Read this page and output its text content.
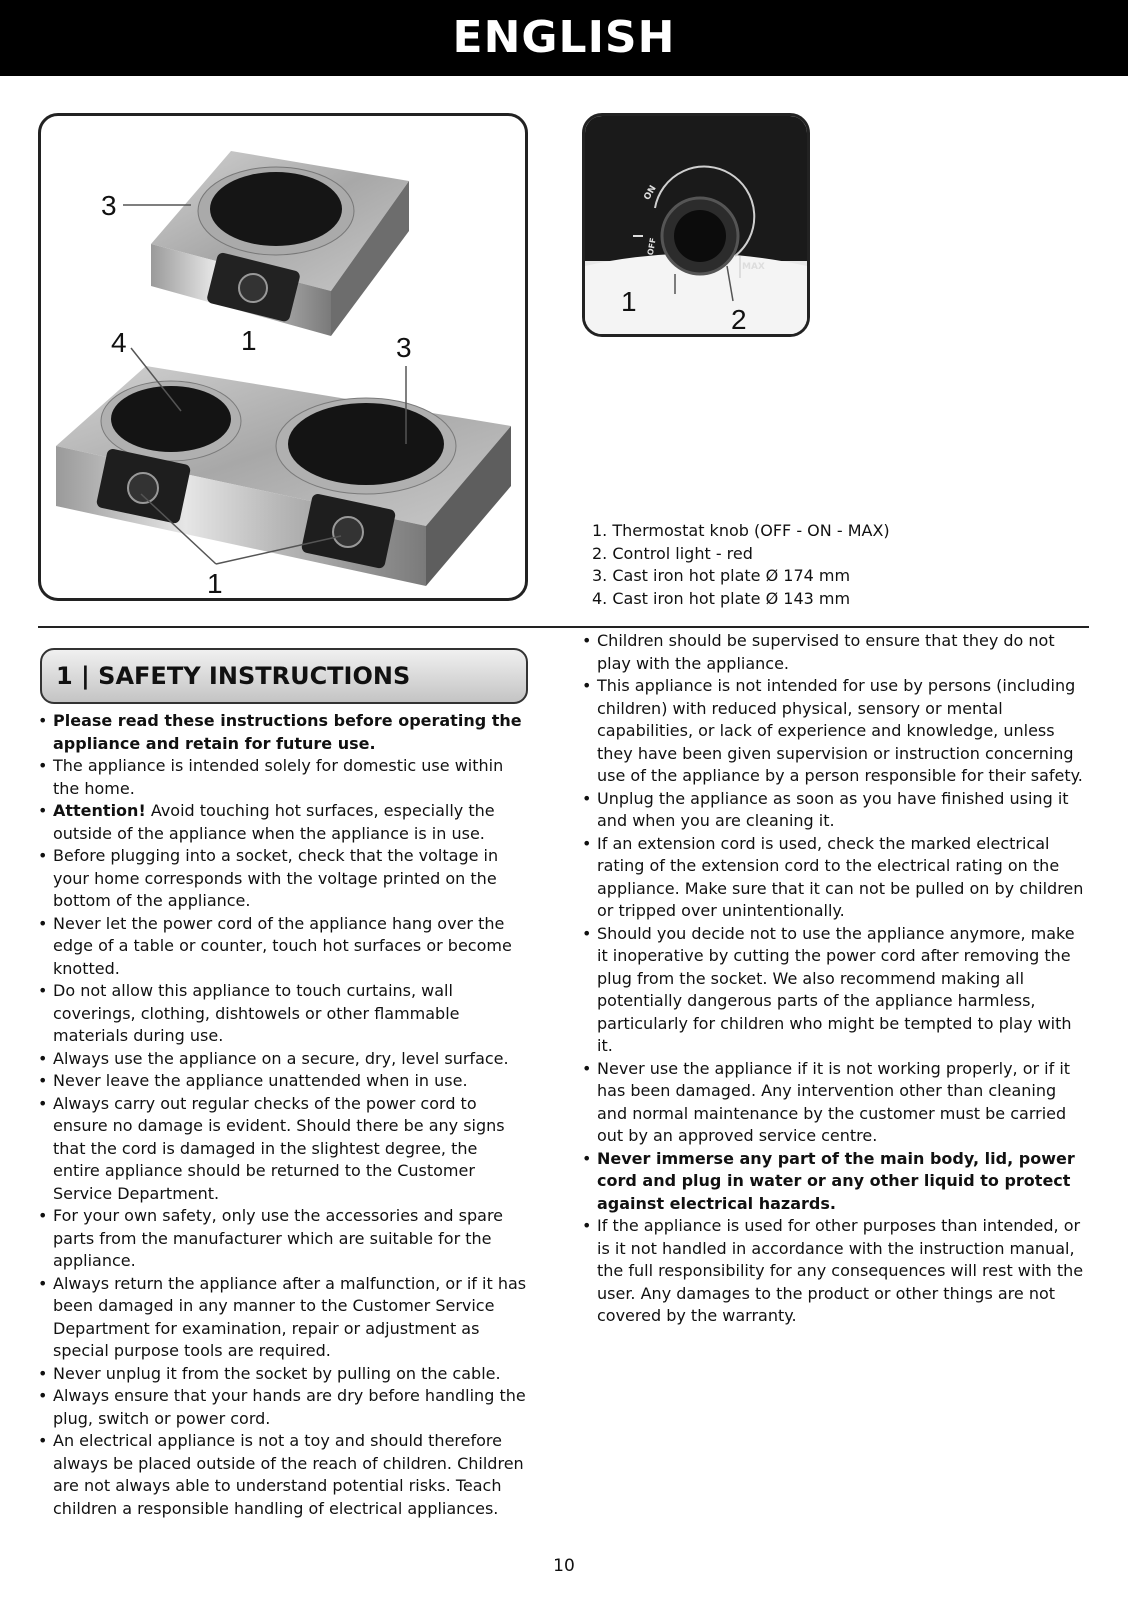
ENGLISH
3
4	1	3
1
ON
OFF
MAX
1
2
1. Thermostat knob (OFF - ON - MAX)
2. Control light - red
3. Cast iron hot plate Ø 174 mm
4. Cast iron hot plate Ø 143 mm
1 | SAFETY INSTRUCTIONS
• Please read these instructions before operating the appliance and retain for future use.
• The appliance is intended solely for domestic use within the home.
• Attention! Avoid touching hot surfaces, especially the outside of the appliance when the appliance is in use.
• Before plugging into a socket, check that the voltage in your home corresponds with the voltage printed on the bottom of the appliance.
• Never let the power cord of the appliance hang over the edge of a table or counter, touch hot surfaces or become knotted.
• Do not allow this appliance to touch curtains, wall coverings, clothing, dishtowels or other flammable materials during use.
• Always use the appliance on a secure, dry, level surface.
• Never leave the appliance unattended when in use.
• Always carry out regular checks of the power cord to ensure no damage is evident. Should there be any signs that the cord is damaged in the slightest degree, the entire appliance should be returned to the Customer Service Department.
• For your own safety, only use the accessories and spare parts from the manufacturer which are suitable for the appliance.
• Always return the appliance after a malfunction, or if it has been damaged in any manner to the Customer Service Department for examination, repair or adjustment as special purpose tools are required.
• Never unplug it from the socket by pulling on the cable.
• Always ensure that your hands are dry before handling the plug, switch or power cord.
• An electrical appliance is not a toy and should therefore always be placed outside of the reach of children. Children are not always able to understand potential risks. Teach children a responsible handling of electrical appliances.
• Children should be supervised to ensure that they do not play with the appliance.
• This appliance is not intended for use by persons (including children) with reduced physical, sensory or mental capabilities, or lack of experience and knowledge, unless they have been given supervision or instruction concerning use of the appliance by a person responsible for their safety.
• Unplug the appliance as soon as you have finished using it and when you are cleaning it.
• If an extension cord is used, check the marked electrical rating of the extension cord to the electrical rating on the appliance. Make sure that it can not be pulled on by children or tripped over unintentionally.
• Should you decide not to use the appliance anymore, make it inoperative by cutting the power cord after removing the plug from the socket. We also recommend making all potentially dangerous parts of the appliance harmless, particularly for children who might be tempted to play with it.
• Never use the appliance if it is not working properly, or if it has been damaged. Any intervention other than cleaning and normal maintenance by the customer must be carried out by an approved service centre.
• Never immerse any part of the main body, lid, power cord and plug in water or any other liquid to protect against electrical hazards.
• If the appliance is used for other purposes than intended, or is it not handled in accordance with the instruction manual, the full responsibility for any consequences will rest with the user. Any damages to the product or other things are not covered by the warranty.
10
